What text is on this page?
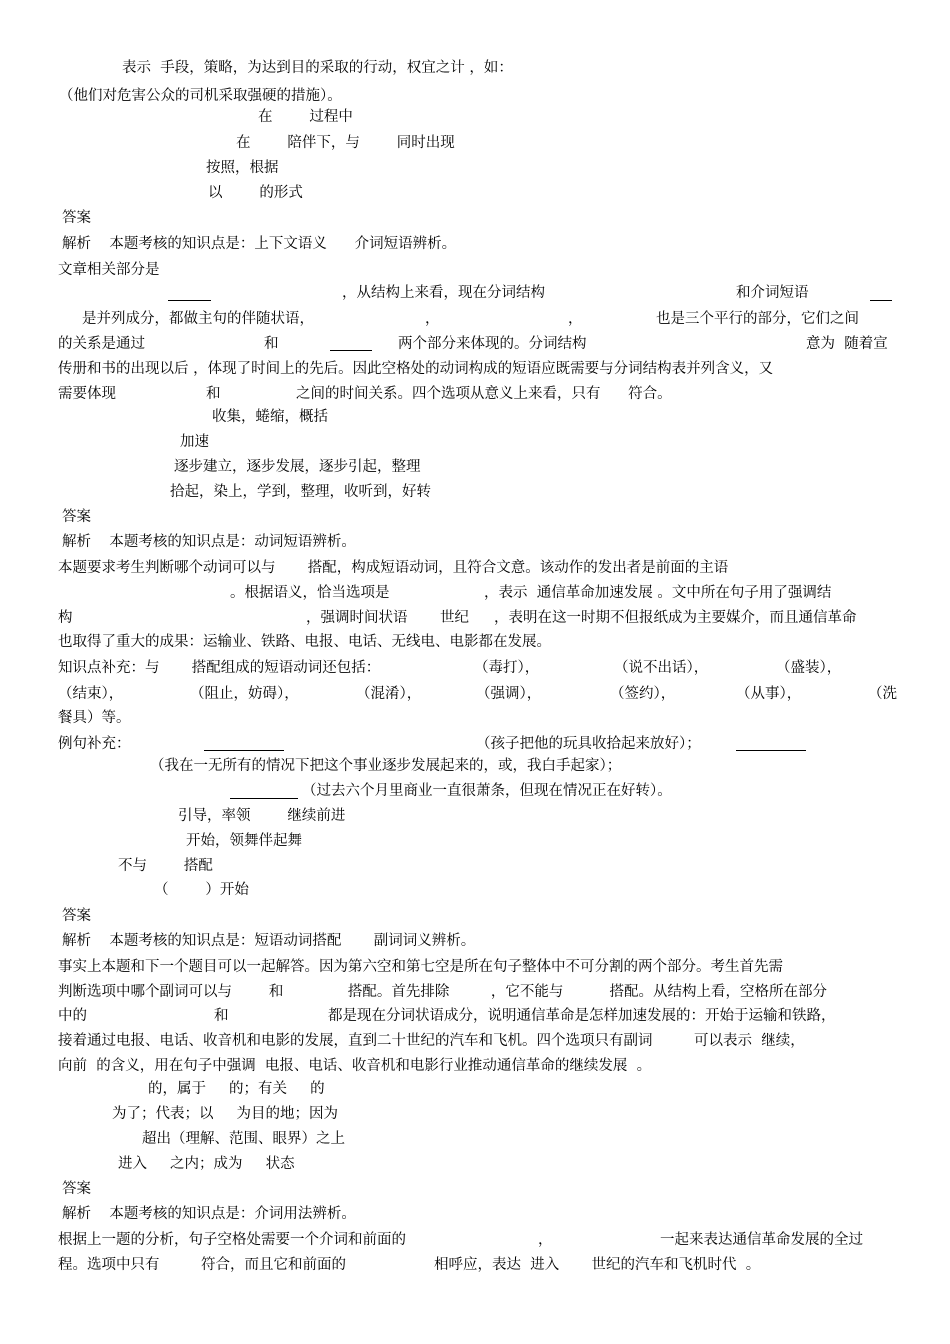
表示  手段，策略，为达到目的采取的行动，权宜之计 ，如：
（他们对危害公众的司机采取强硬的措施）。
在        过程中
在        陪伴下，与        同时出现
按照，根据
以        的形式
答案
解析    本题考核的知识点是：上下文语义      介词短语辨析。
文章相关部分是
，从结构上来看，现在分词结构	和介词短语
是并列成分，都做主句的伴随状语，	，	，	也是三个平行的部分，它们之间
的关系是通过	和	两个部分来体现的。分词结构	意为  随着宣
传册和书的出现以后 ，体现了时间上的先后。因此空格处的动词构成的短语应既需要与分词结构表并列含义，又
需要体现	和	之间的时间关系。四个选项从意义上来看，只有      符合。
收集，蜷缩，概括
加速
逐步建立，逐步发展，逐步引起，整理
拾起，染上，学到，整理，收听到，好转
答案
解析    本题考核的知识点是：动词短语辨析。
本题要求考生判断哪个动词可以与       搭配，构成短语动词，且符合文意。该动作的发出者是前面的主语
。根据语义，恰当选项是	，表示  通信革命加速发展 。文中所在句子用了强调结
构	，强调时间状语 世纪 ，表明在这一时期不但报纸成为主要媒介，而且通信革命
也取得了重大的成果：运输业、铁路、电报、电话、无线电、电影都在发展。
知识点补充：与       搭配组成的短语动词还包括：	（毒打），	（说不出话），	（盛装），
（结束），	（阻止，妨碍），	（混淆），	（强调），	（签约），	（从事），	（洗
餐具）等。
例句补充：	（孩子把他的玩具收拾起来放好）；
（我在一无所有的情况下把这个事业逐步发展起来的，或，我白手起家）；
（过去六个月里商业一直很萧条，但现在情况正在好转）。
引导，率领        继续前进
开始，领舞伴起舞
不与        搭配
（        ）开始
答案
解析    本题考核的知识点是：短语动词搭配       副词词义辨析。
事实上本题和下一个题目可以一起解答。因为第六空和第七空是所在句子整体中不可分割的两个部分。考生首先需
判断选项中哪个副词可以与        和              搭配。首先排除         ，它不能与          搭配。从结构上看，空格所在部分
中的	和	都是现在分词状语成分，说明通信革命是怎样加速发展的：开始于运输和铁路，
接着通过电报、电话、收音机和电影的发展，直到二十世纪的汽车和飞机。四个选项只有副词         可以表示  继续，
向前  的含义，用在句子中强调  电报、电话、收音机和电影行业推动通信革命的继续发展  。
的，属于     的；有关     的
为了；代表；以     为目的地；因为
超出（理解、范围、眼界）之上
进入     之内；成为     状态
答案
解析    本题考核的知识点是：介词用法辨析。
根据上一题的分析，句子空格处需要一个介词和前面的	，	一起来表达通信革命发展的全过
程。选项中只有         符合，而且它和前面的	相呼应，表达  进入       世纪的汽车和飞机时代  。
